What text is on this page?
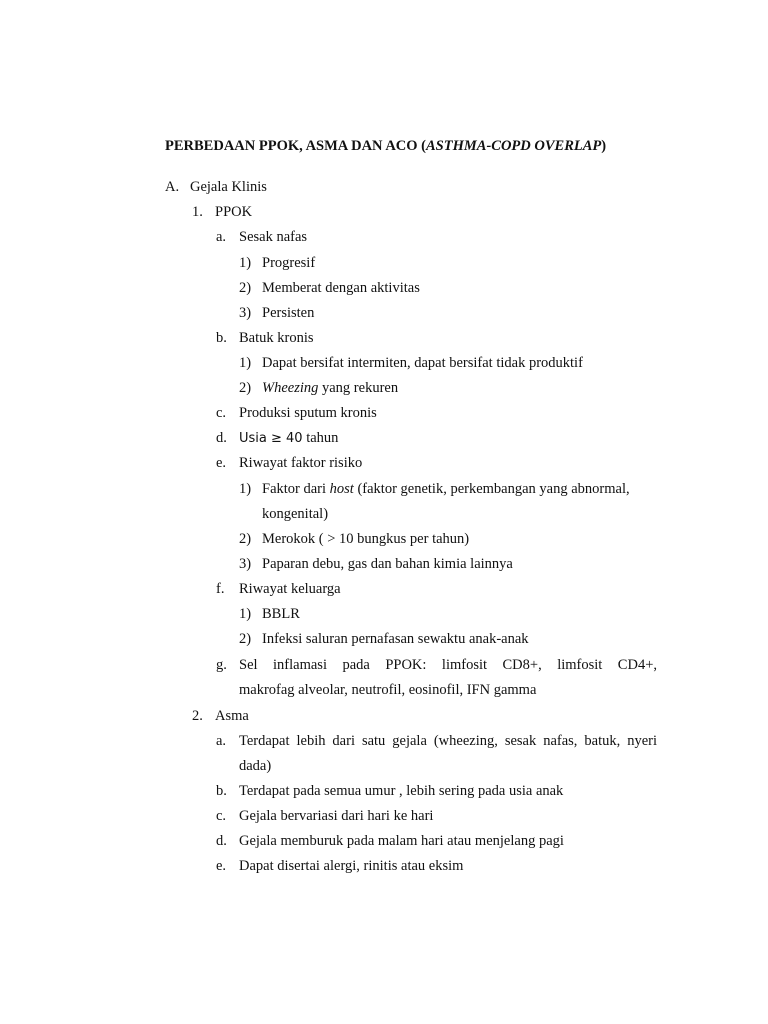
PERBEDAAN PPOK, ASMA DAN ACO (ASTHMA-COPD OVERLAP)
A. Gejala Klinis
1. PPOK
a. Sesak nafas
1) Progresif
2) Memberat dengan aktivitas
3) Persisten
b. Batuk kronis
1) Dapat bersifat intermiten, dapat bersifat tidak produktif
2) Wheezing yang rekuren
c. Produksi sputum kronis
d. Usia ≥ 40 tahun
e. Riwayat faktor risiko
1) Faktor dari host (faktor genetik, perkembangan yang abnormal,
kongenital)
2) Merokok ( > 10 bungkus per tahun)
3) Paparan debu, gas dan bahan kimia lainnya
f. Riwayat keluarga
1) BBLR
2) Infeksi saluran pernafasan sewaktu anak-anak
g. Sel inflamasi pada PPOK: limfosit CD8+, limfosit CD4+,
makrofag alveolar, neutrofil, eosinofil, IFN gamma
2. Asma
a. Terdapat lebih dari satu gejala (wheezing, sesak nafas, batuk, nyeri
dada)
b. Terdapat pada semua umur , lebih sering pada usia anak
c. Gejala bervariasi dari hari ke hari
d. Gejala memburuk pada malam hari atau menjelang pagi
e. Dapat disertai alergi, rinitis atau eksim
